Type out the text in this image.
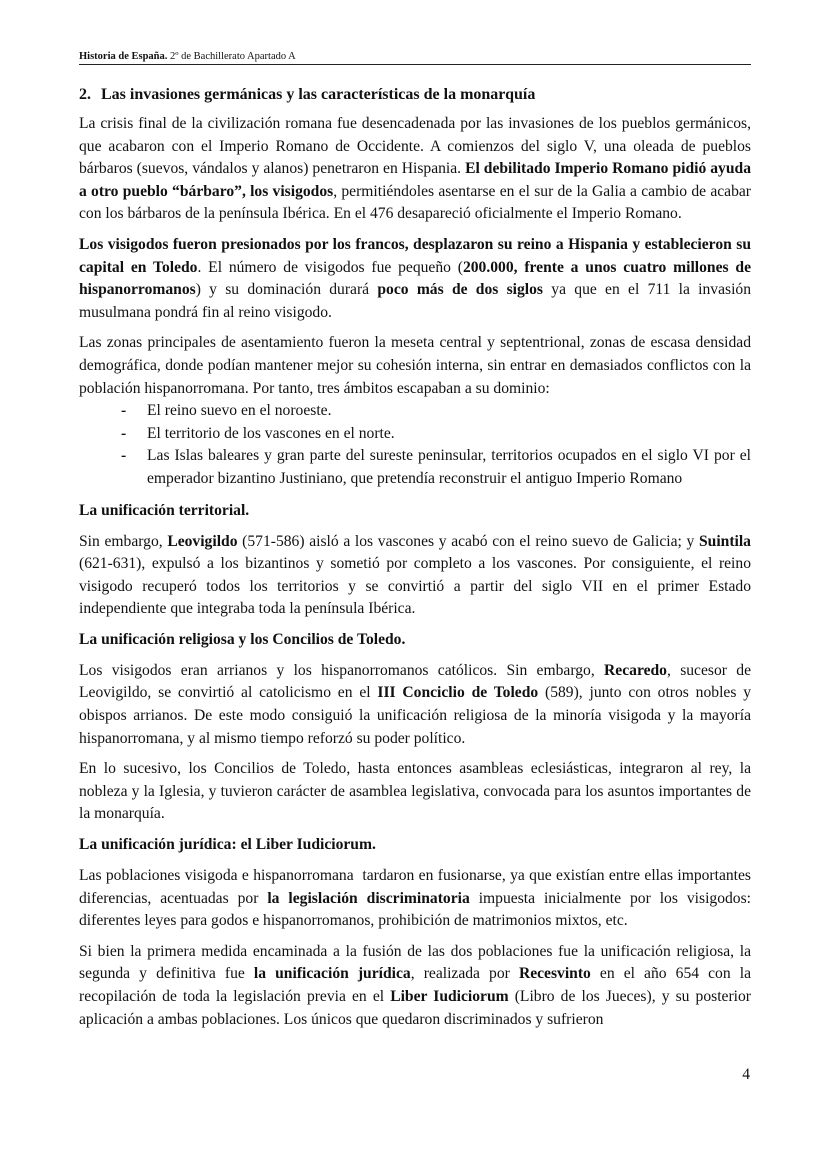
Historia de España. 2º de Bachillerato Apartado A
2. Las invasiones germánicas y las características de la monarquía

La crisis final de la civilización romana fue desencadenada por las invasiones de los pueblos germánicos, que acabaron con el Imperio Romano de Occidente. A comienzos del siglo V, una oleada de pueblos bárbaros (suevos, vándalos y alanos) penetraron en Hispania. El debilitado Imperio Romano pidió ayuda a otro pueblo “bárbaro”, los visigodos, permitiéndoles asentarse en el sur de la Galia a cambio de acabar con los bárbaros de la península Ibérica. En el 476 desapareció oficialmente el Imperio Romano.

Los visigodos fueron presionados por los francos, desplazaron su reino a Hispania y establecieron su capital en Toledo. El número de visigodos fue pequeño (200.000, frente a unos cuatro millones de hispanorromanos) y su dominación durará poco más de dos siglos ya que en el 711 la invasión musulmana pondrá fin al reino visigodo.

Las zonas principales de asentamiento fueron la meseta central y septentrional, zonas de escasa densidad demográfica, donde podían mantener mejor su cohesión interna, sin entrar en demasiados conflictos con la población hispanorromana. Por tanto, tres ámbitos escapaban a su dominio:

- El reino suevo en el noroeste.
- El territorio de los vascones en el norte.
- Las Islas baleares y gran parte del sureste peninsular, territorios ocupados en el siglo VI por el emperador bizantino Justiniano, que pretendía reconstruir el antiguo Imperio Romano
La unificación territorial.

Sin embargo, Leovigildo (571-586) aisló a los vascones y acabó con el reino suevo de Galicia; y Suintila (621-631), expulsó a los bizantinos y sometió por completo a los vascones. Por consiguiente, el reino visigodo recuperó todos los territorios y se convirtió a partir del siglo VII en el primer Estado independiente que integraba toda la península Ibérica.

La unificación religiosa y los Concilios de Toledo.

Los visigodos eran arrianos y los hispanorromanos católicos. Sin embargo, Recaredo, sucesor de Leovigildo, se convirtió al catolicismo en el III Conciclio de Toledo (589), junto con otros nobles y obispos arrianos. De este modo consiguió la unificación religiosa de la minoría visigoda y la mayoría hispanorromana, y al mismo tiempo reforzó su poder político.

En lo sucesivo, los Concilios de Toledo, hasta entonces asambleas eclesiásticas, integraron al rey, la nobleza y la Iglesia, y tuvieron carácter de asamblea legislativa, convocada para los asuntos importantes de la monarquía.

La unificación jurídica: el Liber Iudiciorum.

Las poblaciones visigoda e hispanorromana  tardaron en fusionarse, ya que existían entre ellas importantes diferencias, acentuadas por la legislación discriminatoria impuesta inicialmente por los visigodos: diferentes leyes para godos e hispanorromanos, prohibición de matrimonios mixtos, etc.

Si bien la primera medida encaminada a la fusión de las dos poblaciones fue la unificación religiosa, la segunda y definitiva fue la unificación jurídica, realizada por Recesvinto en el año 654 con la recopilación de toda la legislación previa en el Liber Iudiciorum (Libro de los Jueces), y su posterior aplicación a ambas poblaciones. Los únicos que quedaron discriminados y sufrieron

4
